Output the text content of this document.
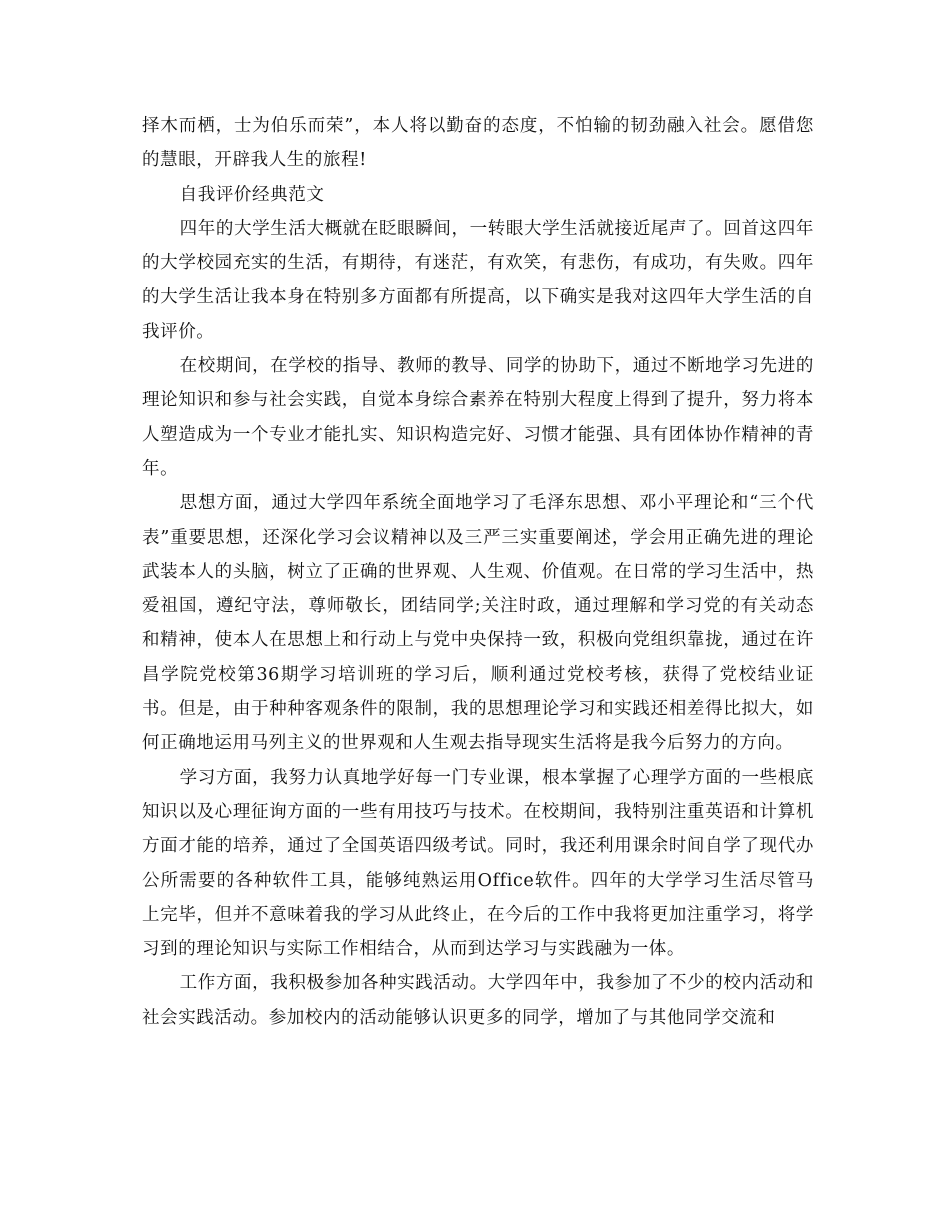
择木而栖，士为伯乐而荣”，本人将以勤奋的态度，不怕输的韧劲融入社会。愿借您的慧眼，开辟我人生的旅程!

自我评价经典范文

四年的大学生活大概就在眨眼瞬间，一转眼大学生活就接近尾声了。回首这四年的大学校园充实的生活，有期待，有迷茫，有欢笑，有悲伤，有成功，有失败。四年的大学生活让我本身在特别多方面都有所提高，以下确实是我对这四年大学生活的自我评价。

在校期间，在学校的指导、教师的教导、同学的协助下，通过不断地学习先进的理论知识和参与社会实践，自觉本身综合素养在特别大程度上得到了提升，努力将本人塑造成为一个专业才能扎实、知识构造完好、习惯才能强、具有团体协作精神的青年。

思想方面，通过大学四年系统全面地学习了毛泽东思想、邓小平理论和“三个代表”重要思想，还深化学习会议精神以及三严三实重要阐述，学会用正确先进的理论武装本人的头脑，树立了正确的世界观、人生观、价值观。在日常的学习生活中，热爱祖国，遵纪守法，尊师敬长，团结同学;关注时政，通过理解和学习党的有关动态和精神，使本人在思想上和行动上与党中央保持一致，积极向党组织靠拢，通过在许昌学院党校第36期学习培训班的学习后，顺利通过党校考核，获得了党校结业证书。但是，由于种种客观条件的限制，我的思想理论学习和实践还相差得比拟大，如何正确地运用马列主义的世界观和人生观去指导现实生活将是我今后努力的方向。

学习方面，我努力认真地学好每一门专业课，根本掌握了心理学方面的一些根底知识以及心理征询方面的一些有用技巧与技术。在校期间，我特别注重英语和计算机方面才能的培养，通过了全国英语四级考试。同时，我还利用课余时间自学了现代办公所需要的各种软件工具，能够纯熟运用Office软件。四年的大学学习生活尽管马上完毕，但并不意味着我的学习从此终止，在今后的工作中我将更加注重学习，将学习到的理论知识与实际工作相结合，从而到达学习与实践融为一体。

工作方面，我积极参加各种实践活动。大学四年中，我参加了不少的校内活动和社会实践活动。参加校内的活动能够认识更多的同学，增加了与其他同学交流和
